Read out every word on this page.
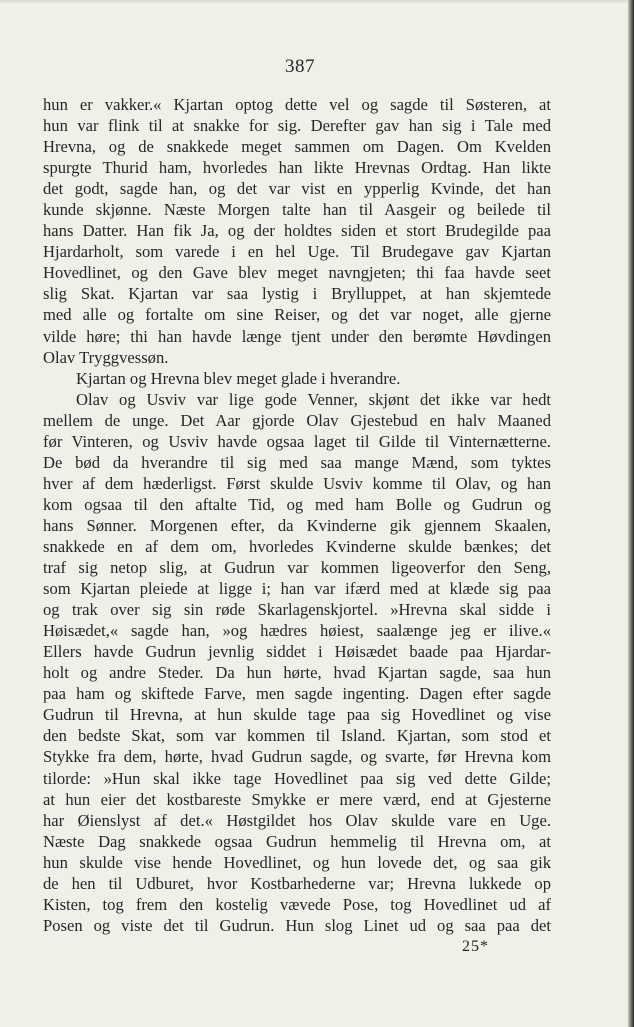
387
hun er vakker.« Kjartan optog dette vel og sagde til Søsteren, at
hun var flink til at snakke for sig. Derefter gav han sig i Tale med
Hrevna, og de snakkede meget sammen om Dagen. Om Kvelden
spurgte Thurid ham, hvorledes han likte Hrevnas Ordtag. Han likte
det godt, sagde han, og det var vist en ypperlig Kvinde, det han
kunde skjønne. Næste Morgen talte han til Aasgeir og beilede til
hans Datter. Han fik Ja, og der holdtes siden et stort Brudegilde paa
Hjardarholt, som varede i en hel Uge. Til Brudegave gav Kjartan
Hovedlinet, og den Gave blev meget navngjeten; thi faa havde seet
slig Skat. Kjartan var saa lystig i Brylluppet, at han skjemtede
med alle og fortalte om sine Reiser, og det var noget, alle gjerne
vilde høre; thi han havde længe tjent under den berømte Høvdingen
Olav Tryggvessøn.
Kjartan og Hrevna blev meget glade i hverandre.
Olav og Usviv var lige gode Venner, skjønt det ikke var hedt
mellem de unge. Det Aar gjorde Olav Gjestebud en halv Maaned
før Vinteren, og Usviv havde ogsaa laget til Gilde til Vinternætterne.
De bød da hverandre til sig med saa mange Mænd, som tyktes
hver af dem hæderligst. Først skulde Usviv komme til Olav, og han
kom ogsaa til den aftalte Tid, og med ham Bolle og Gudrun og
hans Sønner. Morgenen efter, da Kvinderne gik gjennem Skaalen,
snakkede en af dem om, hvorledes Kvinderne skulde bænkes; det
traf sig netop slig, at Gudrun var kommen ligeoverfor den Seng,
som Kjartan pleiede at ligge i; han var ifærd med at klæde sig paa
og trak over sig sin røde Skarlagenskjortel. »Hrevna skal sidde i
Høisædet,« sagde han, »og hædres høiest, saalænge jeg er ilive.«
Ellers havde Gudrun jevnlig siddet i Høisædet baade paa Hjardar-
holt og andre Steder. Da hun hørte, hvad Kjartan sagde, saa hun
paa ham og skiftede Farve, men sagde ingenting. Dagen efter sagde
Gudrun til Hrevna, at hun skulde tage paa sig Hovedlinet og vise
den bedste Skat, som var kommen til Island. Kjartan, som stod et
Stykke fra dem, hørte, hvad Gudrun sagde, og svarte, før Hrevna kom
tilorde: »Hun skal ikke tage Hovedlinet paa sig ved dette Gilde;
at hun eier det kostbareste Smykke er mere værd, end at Gjesterne
har Øienslyst af det.« Høstgildet hos Olav skulde vare en Uge.
Næste Dag snakkede ogsaa Gudrun hemmelig til Hrevna om, at
hun skulde vise hende Hovedlinet, og hun lovede det, og saa gik
de hen til Udburet, hvor Kostbarhederne var; Hrevna lukkede op
Kisten, tog frem den kostelig vævede Pose, tog Hovedlinet ud af
Posen og viste det til Gudrun. Hun slog Linet ud og saa paa det
25*
